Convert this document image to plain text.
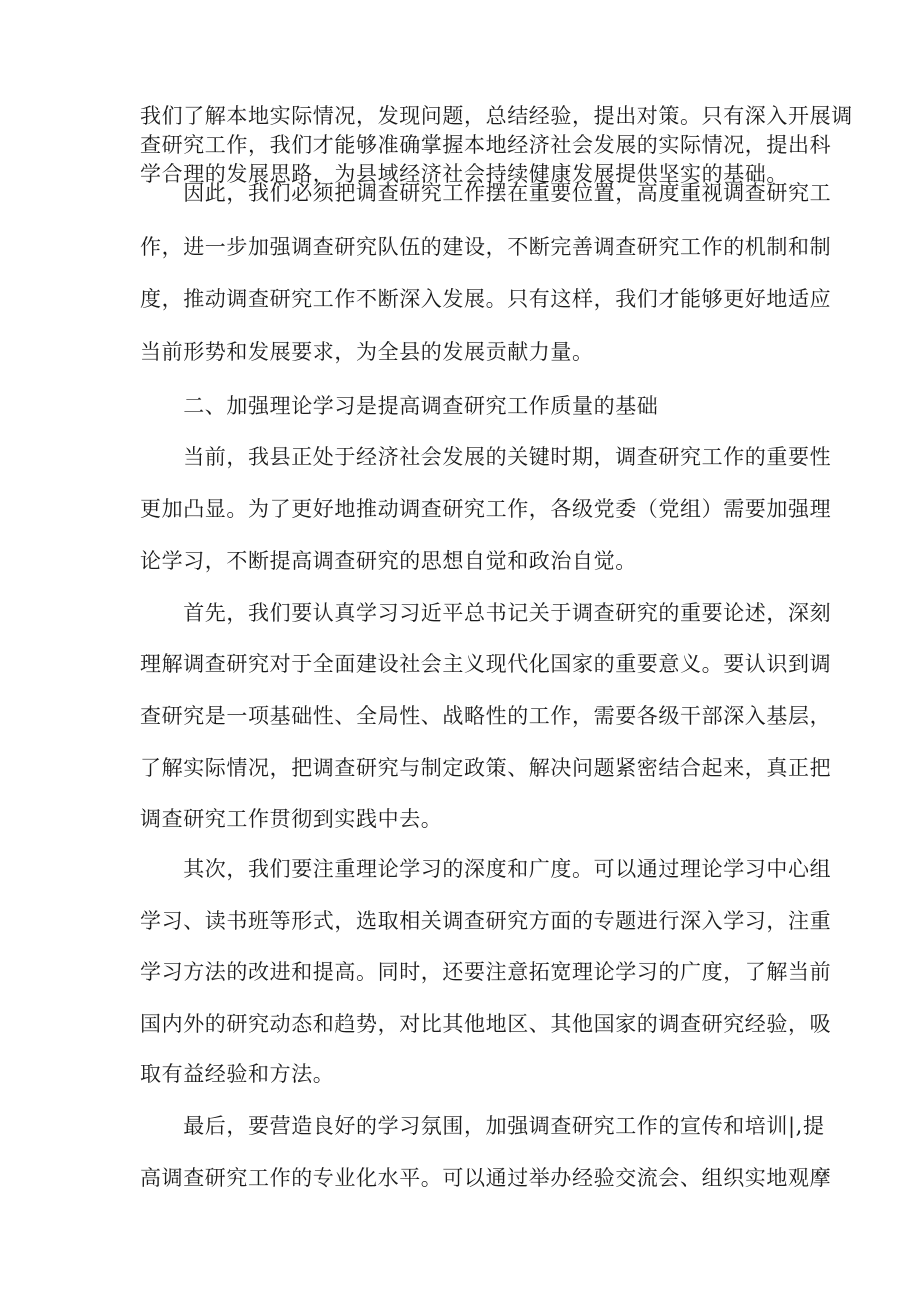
我们了解本地实际情况，发现问题，总结经验，提出对策。只有深入开展调
查研究工作，我们才能够准确掌握本地经济社会发展的实际情况，提出科
学合理的发展思路，为县域经济社会持续健康发展提供坚实的基础。
　　因此，我们必须把调查研究工作摆在重要位置，高度重视调查研究工
作，进一步加强调查研究队伍的建设，不断完善调查研究工作的机制和制
度，推动调查研究工作不断深入发展。只有这样，我们才能够更好地适应
当前形势和发展要求，为全县的发展贡献力量。
　　二、加强理论学习是提高调查研究工作质量的基础
　　当前，我县正处于经济社会发展的关键时期，调查研究工作的重要性
更加凸显。为了更好地推动调查研究工作，各级党委（党组）需要加强理
论学习，不断提高调查研究的思想自觉和政治自觉。
　　首先，我们要认真学习习近平总书记关于调查研究的重要论述，深刻
理解调查研究对于全面建设社会主义现代化国家的重要意义。要认识到调
查研究是一项基础性、全局性、战略性的工作，需要各级干部深入基层，
了解实际情况，把调查研究与制定政策、解决问题紧密结合起来，真正把
调查研究工作贯彻到实践中去。
　　其次，我们要注重理论学习的深度和广度。可以通过理论学习中心组
学习、读书班等形式，选取相关调查研究方面的专题进行深入学习，注重
学习方法的改进和提高。同时，还要注意拓宽理论学习的广度，了解当前
国内外的研究动态和趋势，对比其他地区、其他国家的调查研究经验，吸
取有益经验和方法。
　　最后，要营造良好的学习氛围，加强调查研究工作的宣传和培训|,提
高调查研究工作的专业化水平。可以通过举办经验交流会、组织实地观摩
